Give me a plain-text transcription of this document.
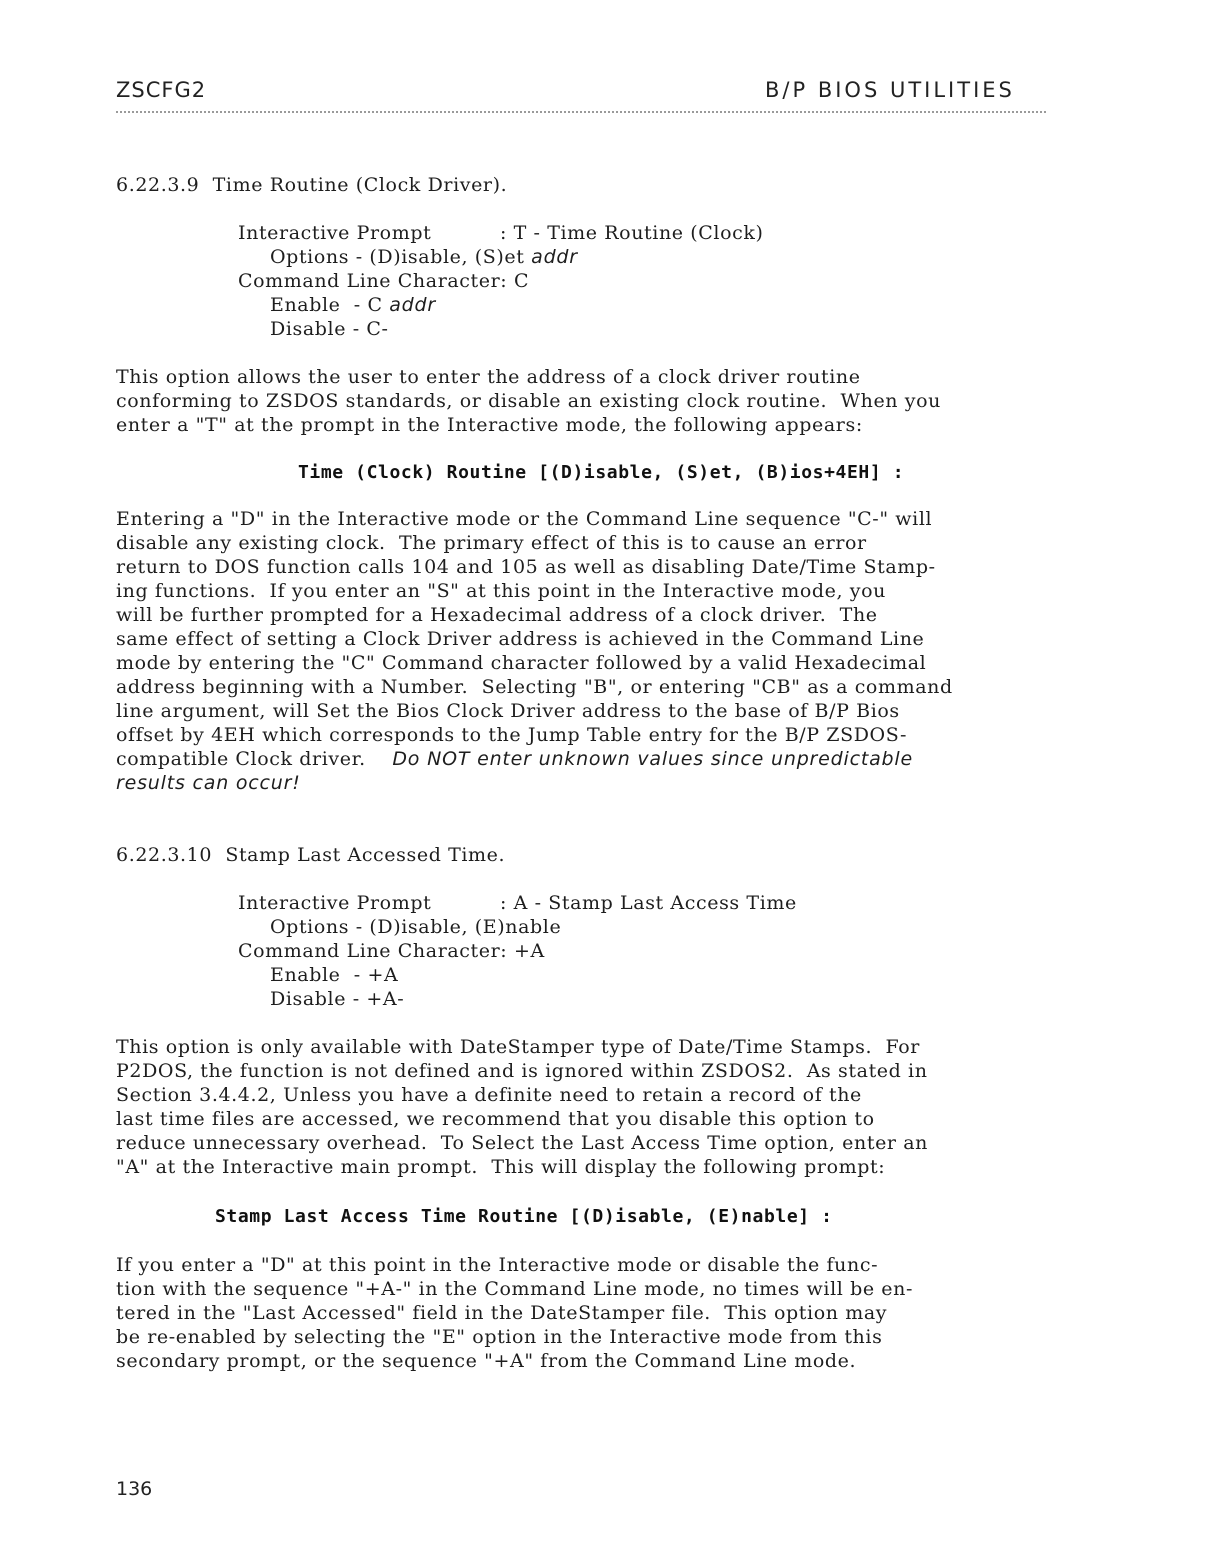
ZSCFG2	B/P BIOS UTILITIES
6.22.3.9  Time Routine (Clock Driver).
Interactive Prompt	: T - Time Routine (Clock)
Options - (D)isable, (S)et addr
Command Line Character: C
Enable  - C addr
Disable - C-
This option allows the user to enter the address of a clock driver routine
conforming to ZSDOS standards, or disable an existing clock routine.  When you
enter a "T" at the prompt in the Interactive mode, the following appears:
Time (Clock) Routine [(D)isable, (S)et, (B)ios+4EH] :
Entering a "D" in the Interactive mode or the Command Line sequence "C-" will
disable any existing clock.  The primary effect of this is to cause an error
return to DOS function calls 104 and 105 as well as disabling Date/Time Stamp-
ing functions.  If you enter an "S" at this point in the Interactive mode, you
will be further prompted for a Hexadecimal address of a clock driver.  The
same effect of setting a Clock Driver address is achieved in the Command Line
mode by entering the "C" Command character followed by a valid Hexadecimal
address beginning with a Number.  Selecting "B", or entering "CB" as a command
line argument, will Set the Bios Clock Driver address to the base of B/P Bios
offset by 4EH which corresponds to the Jump Table entry for the B/P ZSDOS-
compatible Clock driver. Do NOT enter unknown values since unpredictable
results can occur!
6.22.3.10  Stamp Last Accessed Time.
Interactive Prompt	: A - Stamp Last Access Time
Options - (D)isable, (E)nable
Command Line Character: +A
Enable  - +A
Disable - +A-
This option is only available with DateStamper type of Date/Time Stamps.  For
P2DOS, the function is not defined and is ignored within ZSDOS2.  As stated in
Section 3.4.4.2, Unless you have a definite need to retain a record of the
last time files are accessed, we recommend that you disable this option to
reduce unnecessary overhead.  To Select the Last Access Time option, enter an
"A" at the Interactive main prompt.  This will display the following prompt:
Stamp Last Access Time Routine [(D)isable, (E)nable] :
If you enter a "D" at this point in the Interactive mode or disable the func-
tion with the sequence "+A-" in the Command Line mode, no times will be en-
tered in the "Last Accessed" field in the DateStamper file.  This option may
be re-enabled by selecting the "E" option in the Interactive mode from this
secondary prompt, or the sequence "+A" from the Command Line mode.
136
